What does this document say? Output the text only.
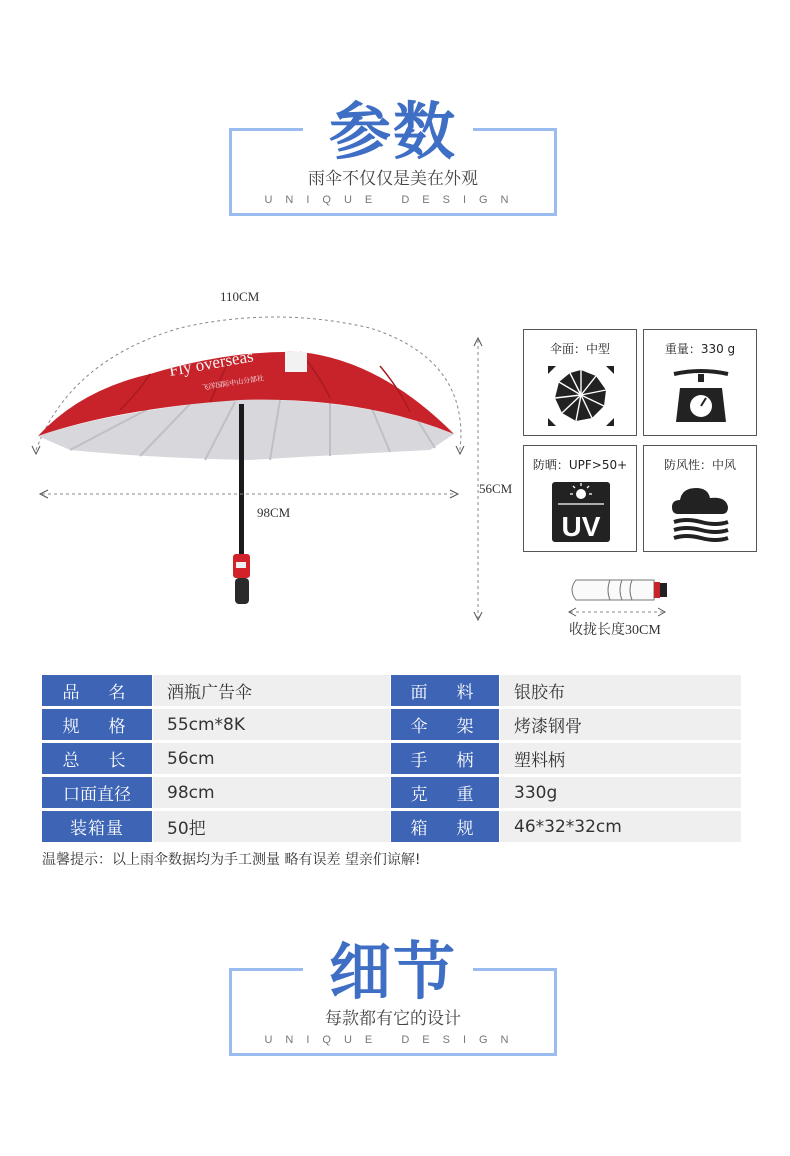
参数
雨伞不仅仅是美在外观
UNIQUE DESIGN
Fly overseas
飞洋国际中山分部社
110CM
98CM
56CM
伞面：中型	重量：330 g
防晒：UPF>50+
UV
防风性：中风
收拢长度30CM
品　名	酒瓶广告伞	面　料	银胶布
规　格	55cm*8K	伞　架	烤漆钢骨
总　长	56cm	手　柄	塑料柄
口面直径	98cm	克　重	330g
装箱量	50把	箱　规	46*32*32cm
温馨提示：以上雨伞数据均为手工测量 略有误差 望亲们谅解!
细节
每款都有它的设计
UNIQUE DESIGN
